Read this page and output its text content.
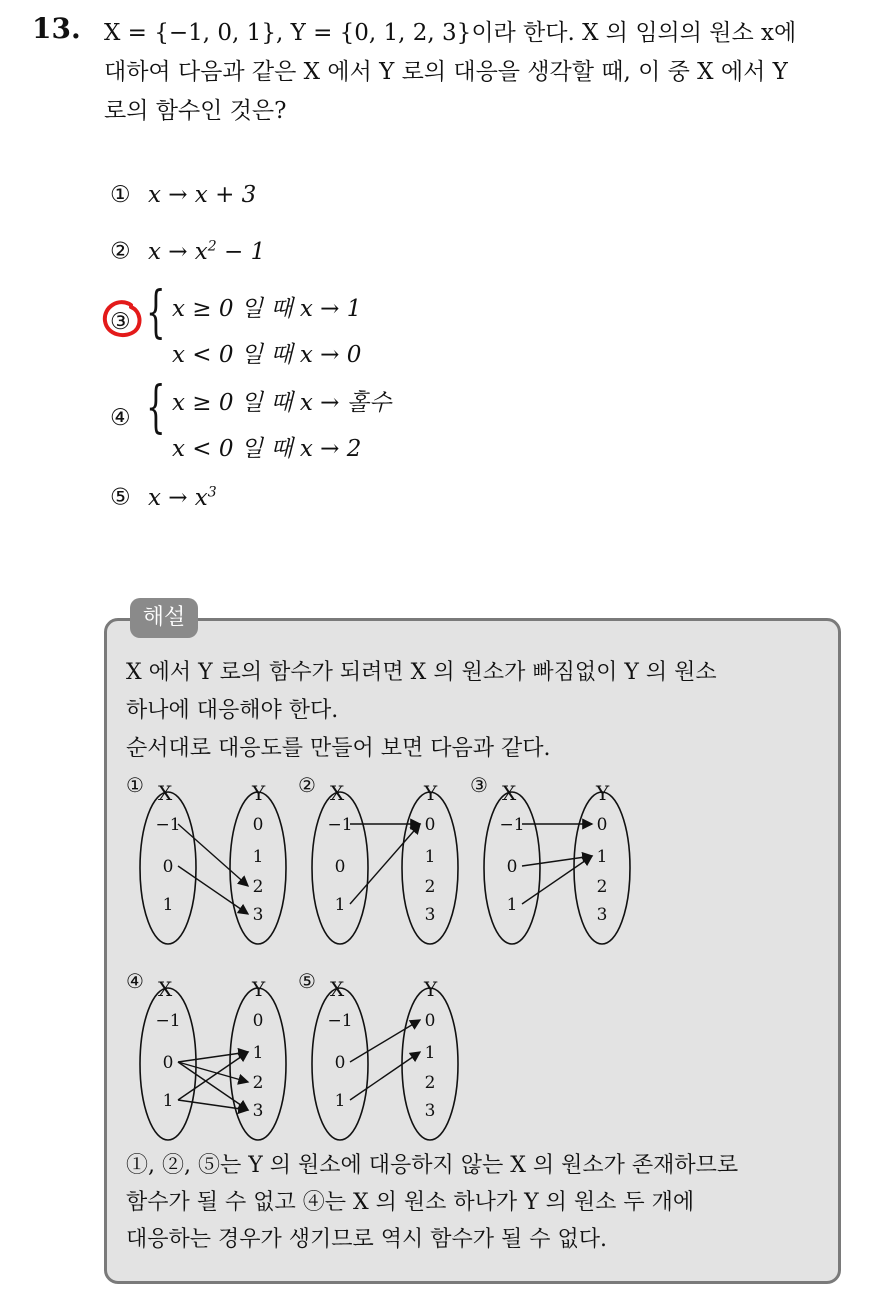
13. X = {−1, 0, 1}, Y = {0, 1, 2, 3}이라 한다. X 의 임의의 원소 x에
대하여 다음과 같은 X 에서 Y 로의 대응을 생각할 때, 이 중 X 에서 Y
로의 함수인 것은?
① x → x + 3
② $x \to x^2 - 1$
③ { x ≥ 0 일 때 x → 1
x < 0 일 때 x → 0
④ { x ≥ 0 일 때 x → 홀수
x < 0 일 때 x → 2
⑤ $x \to x^3$
해설
X 에서 Y 로의 함수가 되려면 X 의 원소가 빠짐없이 Y 의 원소
하나에 대응해야 한다.
순서대로 대응도를 만들어 보면 다음과 같다.
① X	Y
−1
0
1
0
1
2
3
② X	Y
−1
0
1
0
1
2
3
③ X	Y
−1
0
1
0
1
2
3
④ X	Y
−1
0
1
0
1
2
3
⑤ X	Y
−1
0
1
0
1
2
3
①, ②, ⑤는 Y 의 원소에 대응하지 않는 X 의 원소가 존재하므로
함수가 될 수 없고 ④는 X 의 원소 하나가 Y 의 원소 두 개에
대응하는 경우가 생기므로 역시 함수가 될 수 없다.
